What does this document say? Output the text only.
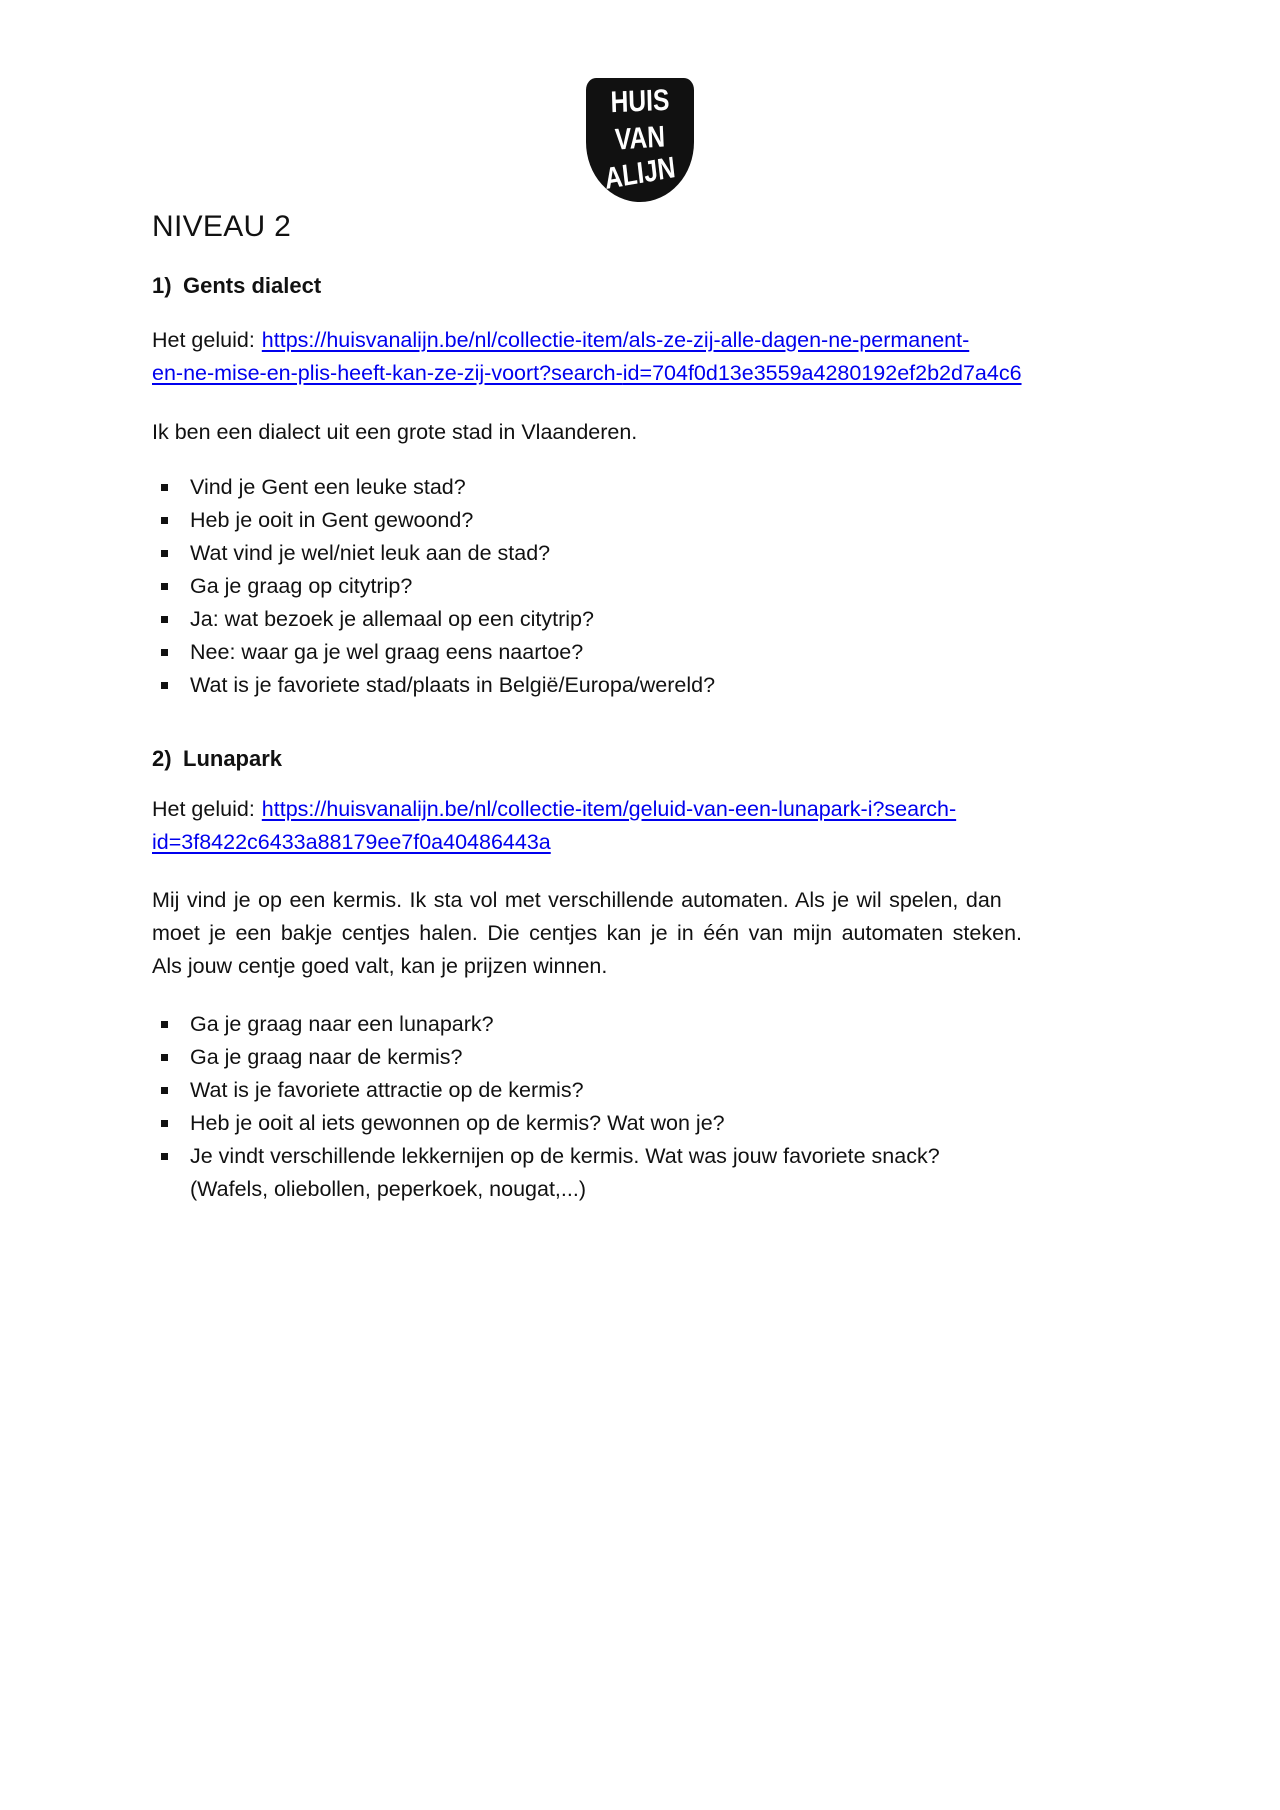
HUIS
VAN
ALIJN
NIVEAU 2
1) Gents dialect

Het geluid: https://huisvanalijn.be/nl/collectie-item/als-ze-zij-alle-dagen-ne-permanent-en-ne-mise-en-plis-heeft-kan-ze-zij-voort?search-id=704f0d13e3559a4280192ef2b2d7a4c6

Ik ben een dialect uit een grote stad in Vlaanderen.

Vind je Gent een leuke stad?
Heb je ooit in Gent gewoond?
Wat vind je wel/niet leuk aan de stad?
Ga je graag op citytrip?
Ja: wat bezoek je allemaal op een citytrip?
Nee: waar ga je wel graag eens naartoe?
Wat is je favoriete stad/plaats in België/Europa/wereld?
2) Lunapark

Het geluid: https://huisvanalijn.be/nl/collectie-item/geluid-van-een-lunapark-i?search-id=3f8422c6433a88179ee7f0a40486443a

Mij vind je op een kermis. Ik sta vol met verschillende automaten. Als je wil spelen, dan
moet je een bakje centjes halen. Die centjes kan je in één van mijn automaten steken.
Als jouw centje goed valt, kan je prijzen winnen.

Ga je graag naar een lunapark?
Ga je graag naar de kermis?
Wat is je favoriete attractie op de kermis?
Heb je ooit al iets gewonnen op de kermis? Wat won je?
Je vindt verschillende lekkernijen op de kermis. Wat was jouw favoriete snack?
(Wafels, oliebollen, peperkoek, nougat,...)
